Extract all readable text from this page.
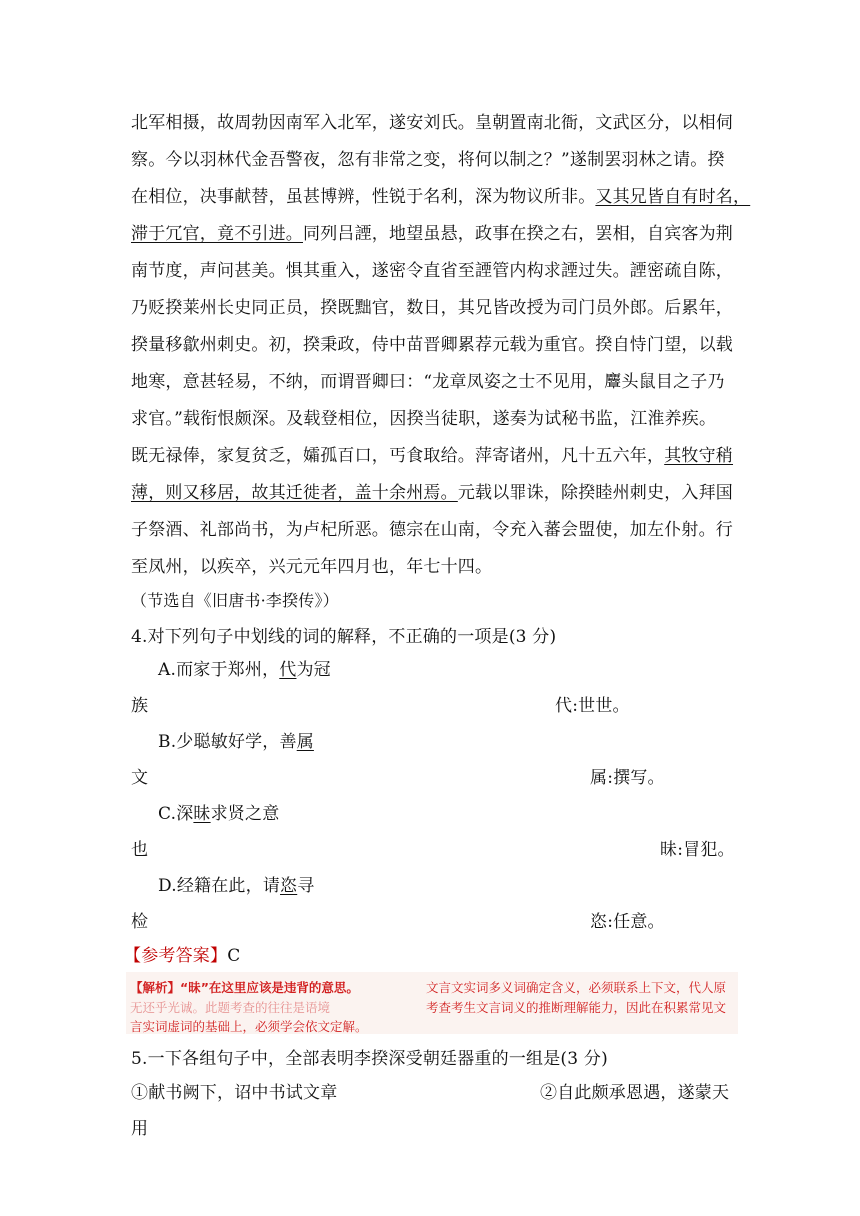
北军相摄，故周勃因南军入北军，遂安刘氏。皇朝置南北衙，文武区分，以相伺
察。今以羽林代金吾警夜，忽有非常之变，将何以制之？”遂制罢羽林之请。揆
在相位，决事献替，虽甚博辨，性锐于名利，深为物议所非。又其兄皆自有时名，
滞于冗官，竟不引进。同列吕諲，地望虽悬，政事在揆之右，罢相，自宾客为荆
南节度，声问甚美。惧其重入，遂密令直省至諲管内构求諲过失。諲密疏自陈，
乃贬揆莱州长史同正员，揆既黜官，数日，其兄皆改授为司门员外郎。后累年，
揆量移歙州刺史。初，揆秉政，侍中苗晋卿累荐元载为重官。揆自恃门望，以载
地寒，意甚轻易，不纳，而谓晋卿曰：“龙章凤姿之士不见用，麞头鼠目之子乃
求官。”载衔恨颇深。及载登相位，因揆当徒职，遂奏为试秘书监，江淮养疾。
既无禄俸，家复贫乏，孀孤百口，丐食取给。萍寄诸州，凡十五六年，其牧守稍
薄，则又移居，故其迁徙者，盖十余州焉。元载以罪诛，除揆睦州刺史，入拜国
子祭酒、礼部尚书，为卢杞所恶。德宗在山南，令充入蕃会盟使，加左仆射。行
至凤州，以疾卒，兴元元年四月也，年七十四。
（节选自《旧唐书·李揆传》）
4.对下列句子中划线的词的解释，不正确的一项是(3 分)
A.而家于郑州，代为冠
族	代:世世。
B.少聪敏好学，善属
文	属:撰写。
C.深昧求贤之意
也	昧:冒犯。
D.经籍在此，请恣寻
检	恣:任意。
【参考答案】C
【解析】“昧”在这里应该是违背的意思。	文言文实词多义词确定含义，必须联系上下文，代人原
无还乎光诚。此题考查的往往是语境	考查考生文言词义的推断理解能力，因此在积累常见文
言实词虚词的基础上，必须学会依文定解。
5.一下各组句子中，全部表明李揆深受朝廷器重的一组是(3 分)
①献书阙下，诏中书试文章	②自此颇承恩遇，遂蒙天
用
